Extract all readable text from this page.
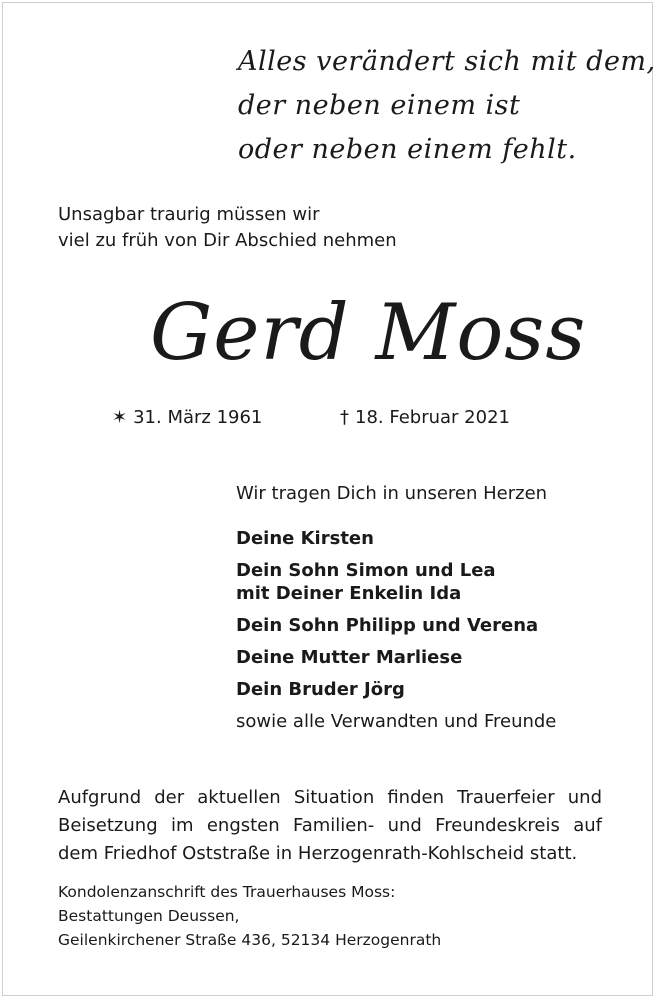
Alles verändert sich mit dem,
der neben einem ist
oder neben einem fehlt.
Unsagbar traurig müssen wir
viel zu früh von Dir Abschied nehmen
Gerd Moss
✶ 31. März 1961	† 18. Februar 2021
Wir tragen Dich in unseren Herzen
Deine Kirsten
Dein Sohn Simon und Lea
mit Deiner Enkelin Ida
Dein Sohn Philipp und Verena
Deine Mutter Marliese
Dein Bruder Jörg
sowie alle Verwandten und Freunde
Aufgrund der aktuellen Situation finden Trauerfeier und Beisetzung im engsten Familien- und Freundeskreis auf dem Friedhof Oststraße in Herzogenrath-Kohlscheid statt.
Kondolenzanschrift des Trauerhauses Moss:
Bestattungen Deussen,
Geilenkirchener Straße 436, 52134 Herzogenrath
